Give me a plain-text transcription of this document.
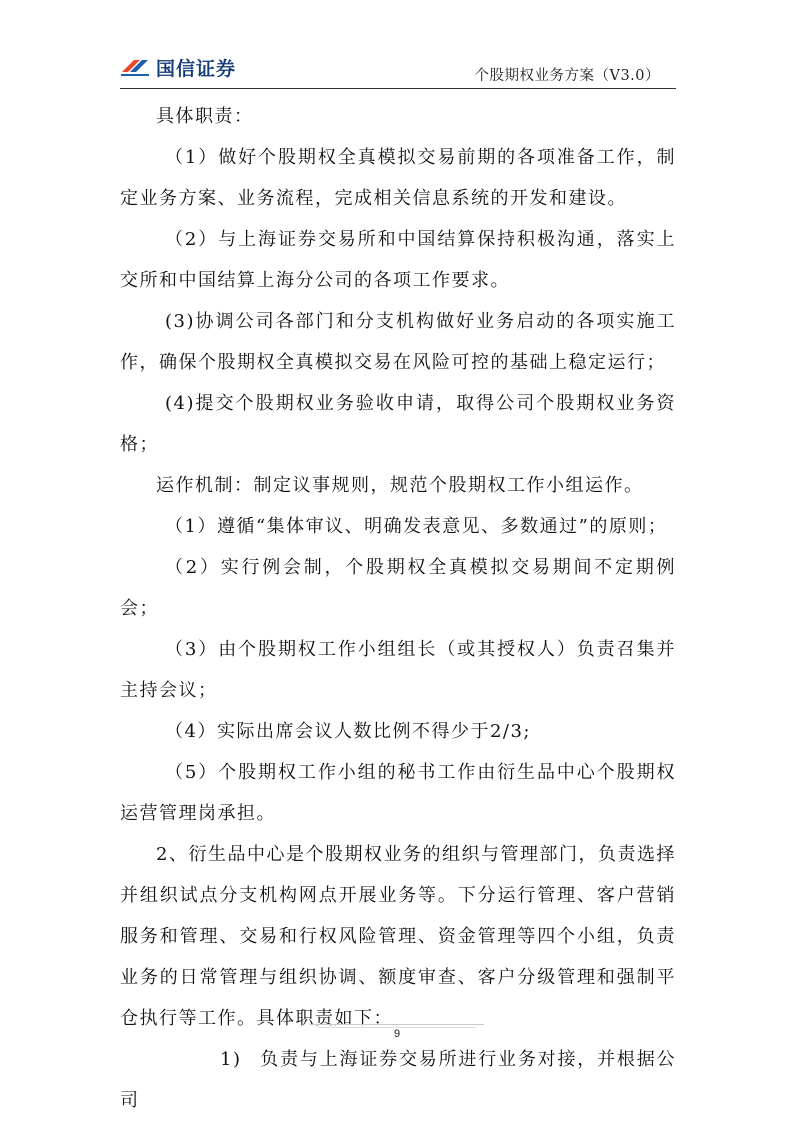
国信证券	个股期权业务方案（V3.0）

具体职责：

（1）做好个股期权全真模拟交易前期的各项准备工作，制定业务方案、业务流程，完成相关信息系统的开发和建设。

（2）与上海证券交易所和中国结算保持积极沟通，落实上交所和中国结算上海分公司的各项工作要求。

(3)协调公司各部门和分支机构做好业务启动的各项实施工作，确保个股期权全真模拟交易在风险可控的基础上稳定运行；

(4)提交个股期权业务验收申请，取得公司个股期权业务资格；

运作机制：制定议事规则，规范个股期权工作小组运作。

（1）遵循“集体审议、明确发表意见、多数通过”的原则；

（2）实行例会制，个股期权全真模拟交易期间不定期例会；

（3）由个股期权工作小组组长（或其授权人）负责召集并主持会议；

（4）实际出席会议人数比例不得少于2/3;

（5）个股期权工作小组的秘书工作由衍生品中心个股期权运营管理岗承担。

2、衍生品中心是个股期权业务的组织与管理部门，负责选择并组织试点分支机构网点开展业务等。下分运行管理、客户营销服务和管理、交易和行权风险管理、资金管理等四个小组，负责业务的日常管理与组织协调、额度审查、客户分级管理和强制平仓执行等工作。具体职责如下：

1) 负责与上海证券交易所进行业务对接，并根据公司

9
